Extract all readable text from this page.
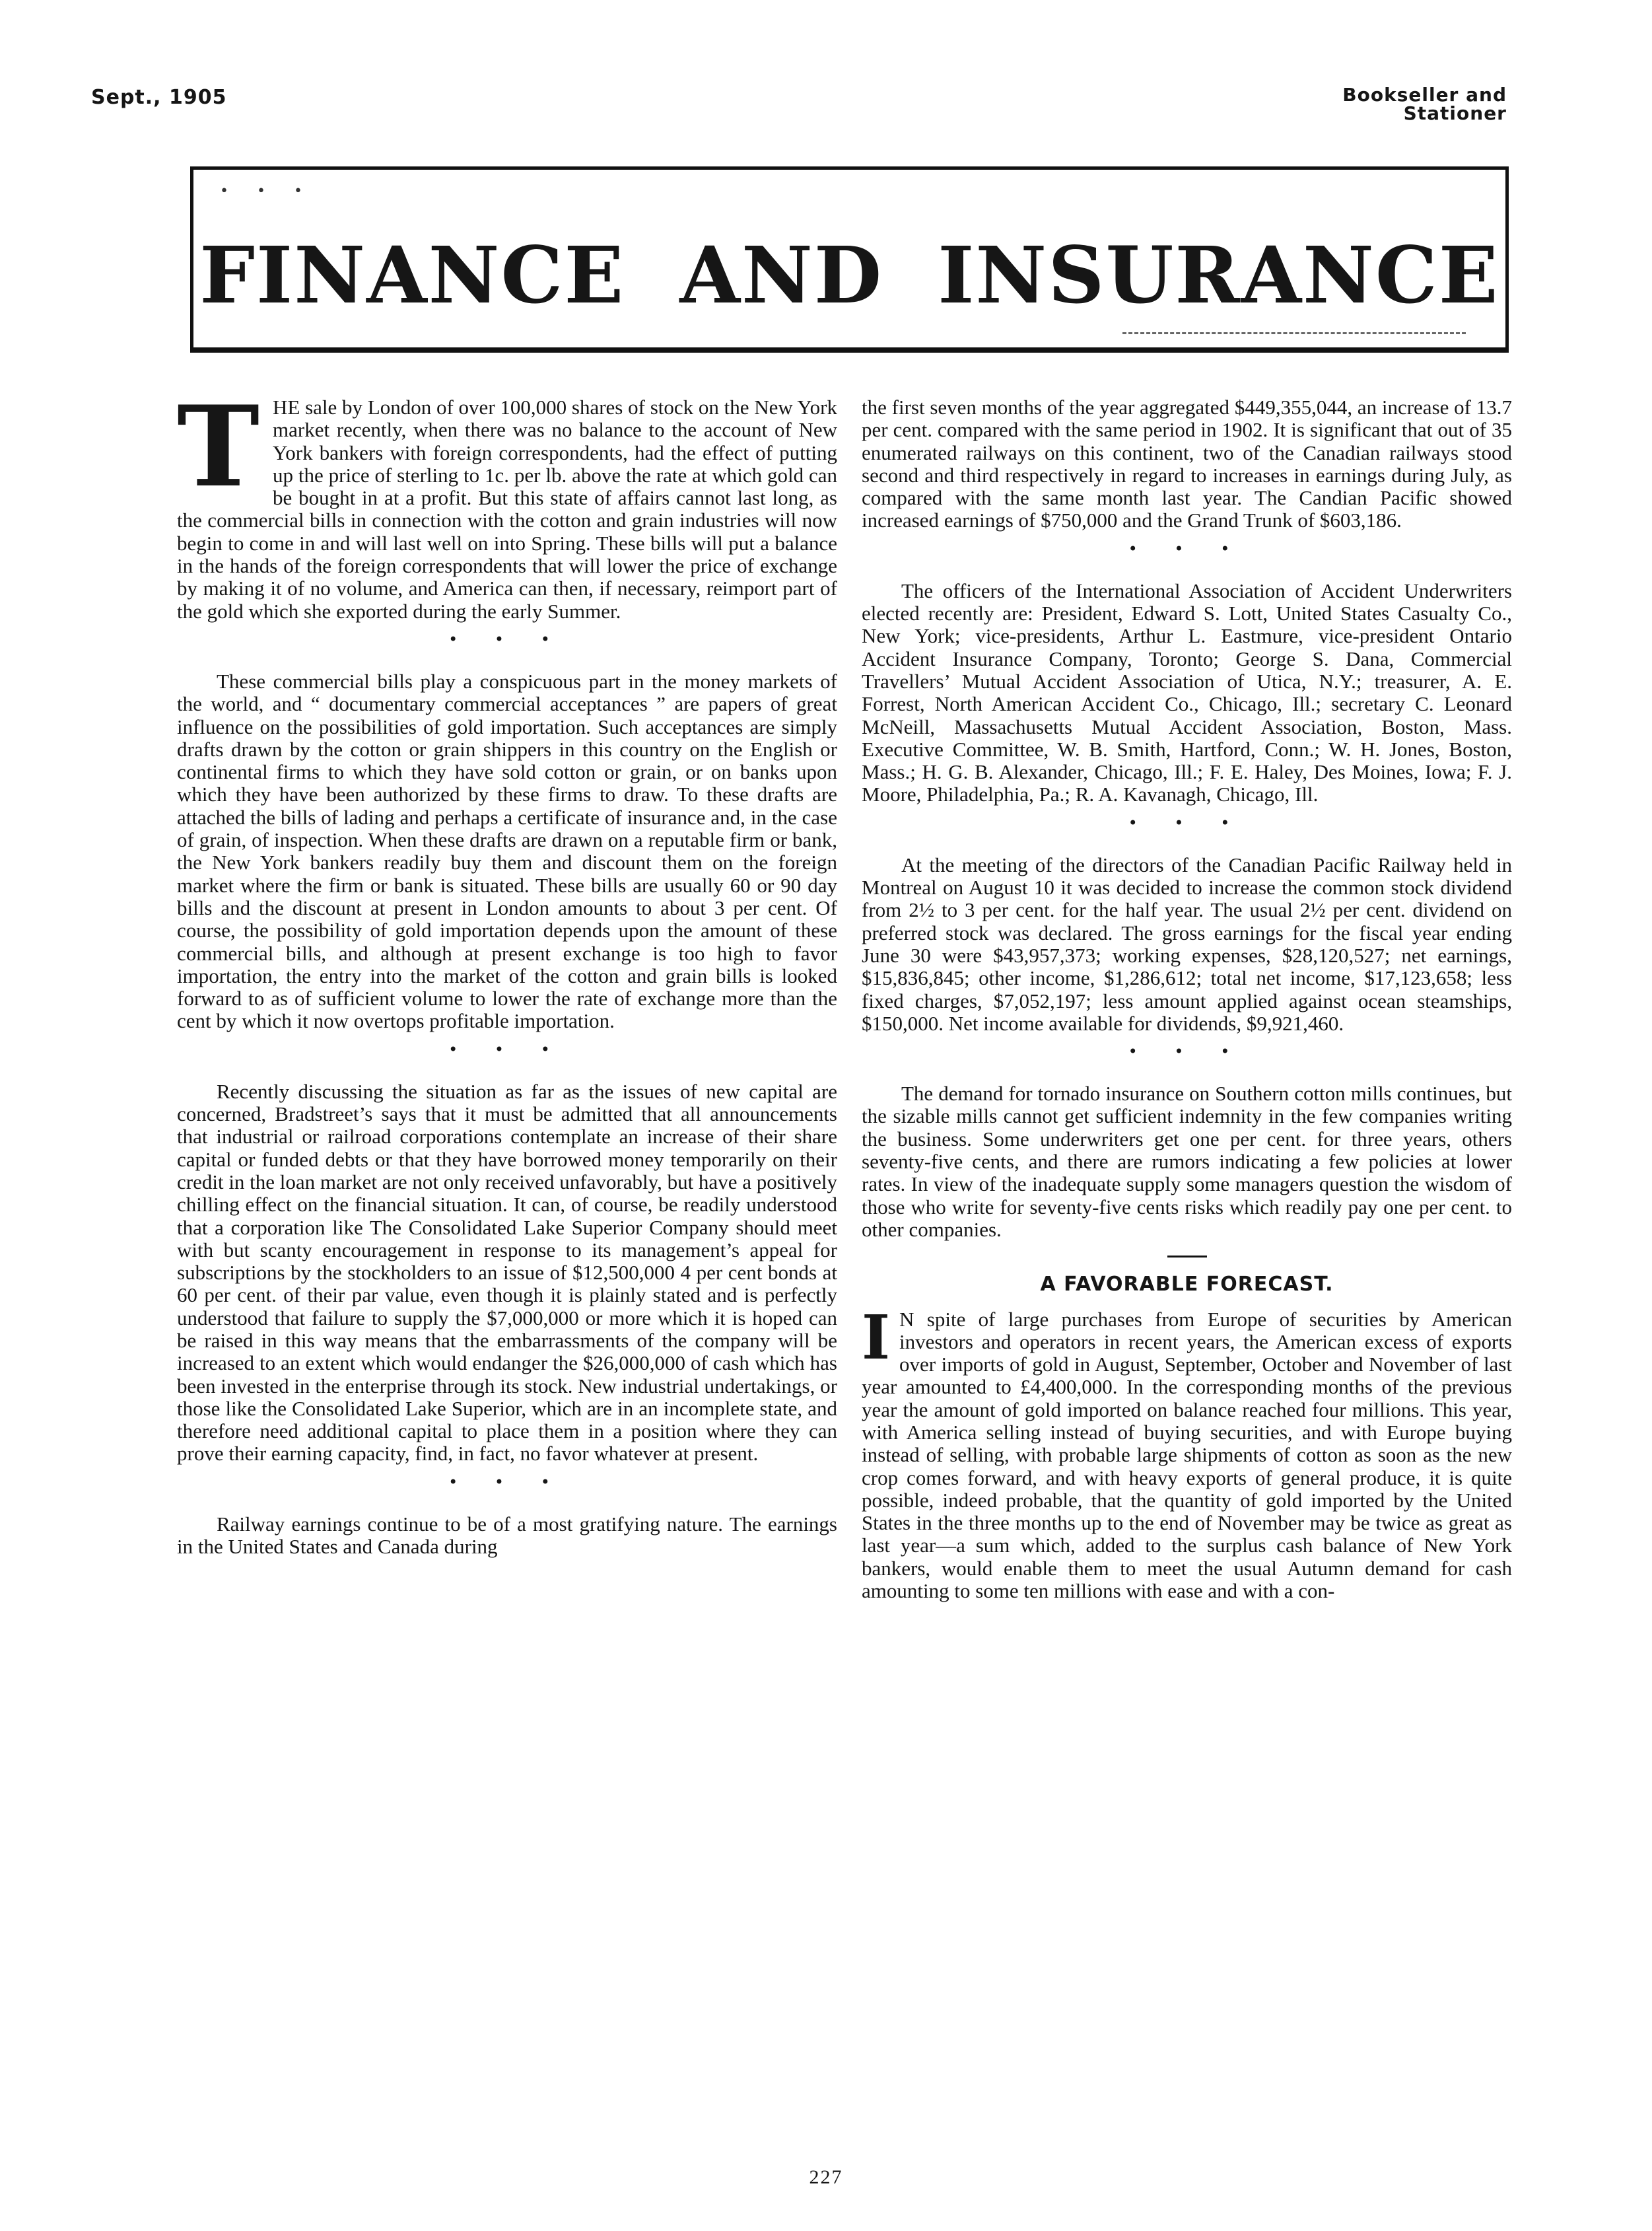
Sept., 1905	Bookseller and
Stationer
• • •
FINANCE AND INSURANCE

THE sale by London of over 100,000 shares of stock on the New York market recently, when there was no balance to the account of New York bankers with foreign correspondents, had the effect of putting up the price of sterling to 1c. per lb. above the rate at which gold can be bought in at a profit. But this state of affairs cannot last long, as the commercial bills in connection with the cotton and grain industries will now begin to come in and will last well on into Spring. These bills will put a balance in the hands of the foreign correspondents that will lower the price of exchange by making it of no volume, and America can then, if necessary, reimport part of the gold which she exported during the early Summer.

• • •

These commercial bills play a conspicuous part in the money markets of the world, and “ documentary commercial acceptances ” are papers of great influence on the possibilities of gold importation. Such acceptances are simply drafts drawn by the cotton or grain shippers in this country on the English or continental firms to which they have sold cotton or grain, or on banks upon which they have been authorized by these firms to draw. To these drafts are attached the bills of lading and perhaps a certificate of insurance and, in the case of grain, of inspection. When these drafts are drawn on a reputable firm or bank, the New York bankers readily buy them and discount them on the foreign market where the firm or bank is situated. These bills are usually 60 or 90 day bills and the discount at present in London amounts to about 3 per cent. Of course, the possibility of gold importation depends upon the amount of these commercial bills, and although at present exchange is too high to favor importation, the entry into the market of the cotton and grain bills is looked forward to as of sufficient volume to lower the rate of exchange more than the cent by which it now overtops profitable importation.

• • •

Recently discussing the situation as far as the issues of new capital are concerned, Bradstreet’s says that it must be admitted that all announcements that industrial or railroad corporations contemplate an increase of their share capital or funded debts or that they have borrowed money temporarily on their credit in the loan market are not only received unfavorably, but have a positively chilling effect on the financial situation. It can, of course, be readily understood that a corporation like The Consolidated Lake Superior Company should meet with but scanty encouragement in response to its management’s appeal for subscriptions by the stockholders to an issue of $12,500,000 4 per cent bonds at 60 per cent. of their par value, even though it is plainly stated and is perfectly understood that failure to supply the $7,000,000 or more which it is hoped can be raised in this way means that the embarrassments of the company will be increased to an extent which would endanger the $26,000,000 of cash which has been invested in the enterprise through its stock. New industrial undertakings, or those like the Consolidated Lake Superior, which are in an incomplete state, and therefore need additional capital to place them in a position where they can prove their earning capacity, find, in fact, no favor whatever at present.

• • •

Railway earnings continue to be of a most gratifying nature. The earnings in the United States and Canada during

the first seven months of the year aggregated $449,355,044, an increase of 13.7 per cent. compared with the same period in 1902. It is significant that out of 35 enumerated railways on this continent, two of the Canadian railways stood second and third respectively in regard to increases in earnings during July, as compared with the same month last year. The Candian Pacific showed increased earnings of $750,000 and the Grand Trunk of $603,186.

• • •

The officers of the International Association of Accident Underwriters elected recently are: President, Edward S. Lott, United States Casualty Co., New York; vice-presidents, Arthur L. Eastmure, vice-president Ontario Accident Insurance Company, Toronto; George S. Dana, Commercial Travellers’ Mutual Accident Association of Utica, N.Y.; treasurer, A. E. Forrest, North American Accident Co., Chicago, Ill.; secretary C. Leonard McNeill, Massachusetts Mutual Accident Association, Boston, Mass. Executive Committee, W. B. Smith, Hartford, Conn.; W. H. Jones, Boston, Mass.; H. G. B. Alexander, Chicago, Ill.; F. E. Haley, Des Moines, Iowa; F. J. Moore, Philadelphia, Pa.; R. A. Kavanagh, Chicago, Ill.

• • •

At the meeting of the directors of the Canadian Pacific Railway held in Montreal on August 10 it was decided to increase the common stock dividend from 2½ to 3 per cent. for the half year. The usual 2½ per cent. dividend on preferred stock was declared. The gross earnings for the fiscal year ending June 30 were $43,957,373; working expenses, $28,120,527; net earnings, $15,836,845; other income, $1,286,612; total net income, $17,123,658; less fixed charges, $7,052,197; less amount applied against ocean steamships, $150,000. Net income available for dividends, $9,921,460.

• • •

The demand for tornado insurance on Southern cotton mills continues, but the sizable mills cannot get sufficient indemnity in the few companies writing the business. Some underwriters get one per cent. for three years, others seventy-five cents, and there are rumors indicating a few policies at lower rates. In view of the inadequate supply some managers question the wisdom of those who write for seventy-five cents risks which readily pay one per cent. to other companies.

A FAVORABLE FORECAST.

I N spite of large purchases from Europe of securities by American investors and operators in recent years, the American excess of exports over imports of gold in August, September, October and November of last year amounted to £4,400,000. In the corresponding months of the previous year the amount of gold imported on balance reached four millions. This year, with America selling instead of buying securities, and with Europe buying instead of selling, with probable large shipments of cotton as soon as the new crop comes forward, and with heavy exports of general produce, it is quite possible, indeed probable, that the quantity of gold imported by the United States in the three months up to the end of November may be twice as great as last year—a sum which, added to the surplus cash balance of New York bankers, would enable them to meet the usual Autumn demand for cash amounting to some ten millions with ease and with a con-

227
